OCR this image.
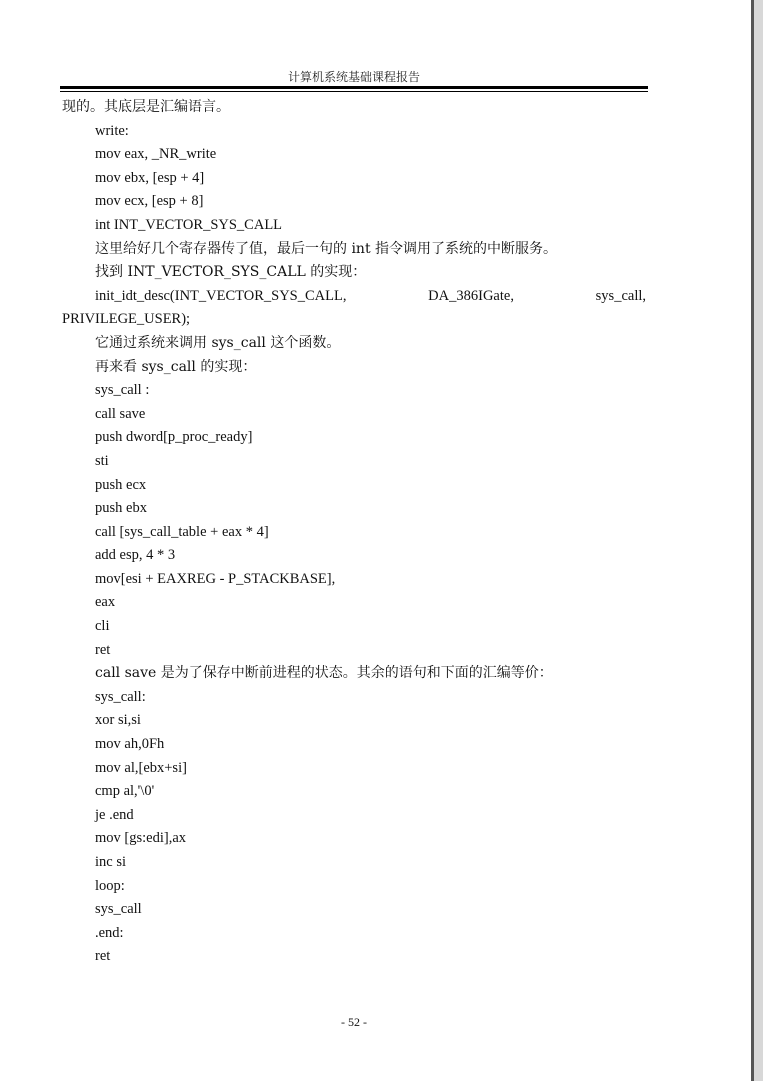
计算机系统基础课程报告
现的。其底层是汇编语言。
write:
mov eax, _NR_write
mov ebx, [esp + 4]
mov ecx, [esp + 8]
int INT_VECTOR_SYS_CALL
这里给好几个寄存器传了值，最后一句的 int 指令调用了系统的中断服务。
找到 INT_VECTOR_SYS_CALL 的实现：
init_idt_desc(INT_VECTOR_SYS_CALL,	DA_386IGate,	sys_call,
PRIVILEGE_USER);
它通过系统来调用 sys_call 这个函数。
再来看 sys_call 的实现：
sys_call :
call save
push dword[p_proc_ready]
sti
push ecx
push ebx
call [sys_call_table + eax * 4]
add esp, 4 * 3
mov[esi + EAXREG - P_STACKBASE],
eax
cli
ret
call save 是为了保存中断前进程的状态。其余的语句和下面的汇编等价：
sys_call:
xor si,si
mov ah,0Fh
mov al,[ebx+si]
cmp al,'\0'
je .end
mov [gs:edi],ax
inc si
loop:
sys_call
.end:
ret
- 52 -
